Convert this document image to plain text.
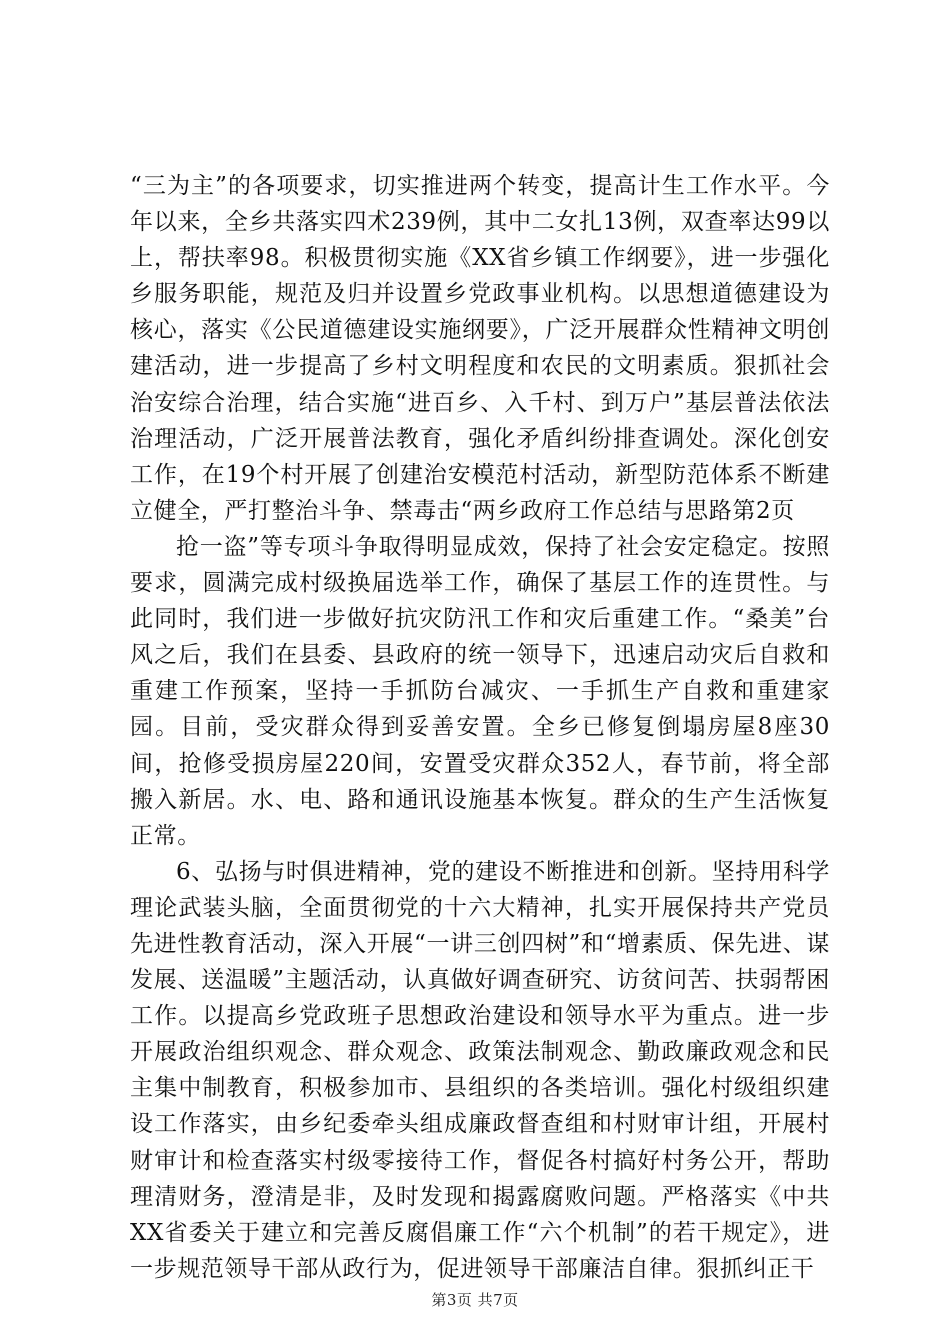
“三为主”的各项要求，切实推进两个转变，提高计生工作水平。今年以来，全乡共落实四术239例，其中二女扎13例，双查率达99以上，帮扶率98。积极贯彻实施《XX省乡镇工作纲要》，进一步强化乡服务职能，规范及归并设置乡党政事业机构。以思想道德建设为核心，落实《公民道德建设实施纲要》，广泛开展群众性精神文明创建活动，进一步提高了乡村文明程度和农民的文明素质。狠抓社会治安综合治理，结合实施“进百乡、入千村、到万户”基层普法依法治理活动，广泛开展普法教育，强化矛盾纠纷排查调处。深化创安工作，在19个村开展了创建治安模范村活动，新型防范体系不断建立健全，严打整治斗争、禁毒击“两乡政府工作总结与思路第2页

抢一盗”等专项斗争取得明显成效，保持了社会安定稳定。按照要求，圆满完成村级换届选举工作，确保了基层工作的连贯性。与此同时，我们进一步做好抗灾防汛工作和灾后重建工作。“桑美”台风之后，我们在县委、县政府的统一领导下，迅速启动灾后自救和重建工作预案，坚持一手抓防台减灾、一手抓生产自救和重建家园。目前，受灾群众得到妥善安置。全乡已修复倒塌房屋8座30间，抢修受损房屋220间，安置受灾群众352人，春节前，将全部搬入新居。水、电、路和通讯设施基本恢复。群众的生产生活恢复正常。

6、弘扬与时俱进精神，党的建设不断推进和创新。坚持用科学理论武装头脑，全面贯彻党的十六大精神，扎实开展保持共产党员先进性教育活动，深入开展“一讲三创四树”和“增素质、保先进、谋发展、送温暖”主题活动，认真做好调查研究、访贫问苦、扶弱帮困工作。以提高乡党政班子思想政治建设和领导水平为重点。进一步开展政治组织观念、群众观念、政策法制观念、勤政廉政观念和民主集中制教育，积极参加市、县组织的各类培训。强化村级组织建设工作落实，由乡纪委牵头组成廉政督查组和村财审计组，开展村财审计和检查落实村级零接待工作，督促各村搞好村务公开，帮助理清财务，澄清是非，及时发现和揭露腐败问题。严格落实《中共XX省委关于建立和完善反腐倡廉工作“六个机制”的若干规定》，进一步规范领导干部从政行为，促进领导干部廉洁自律。狠抓纠正干

第3页 共7页
